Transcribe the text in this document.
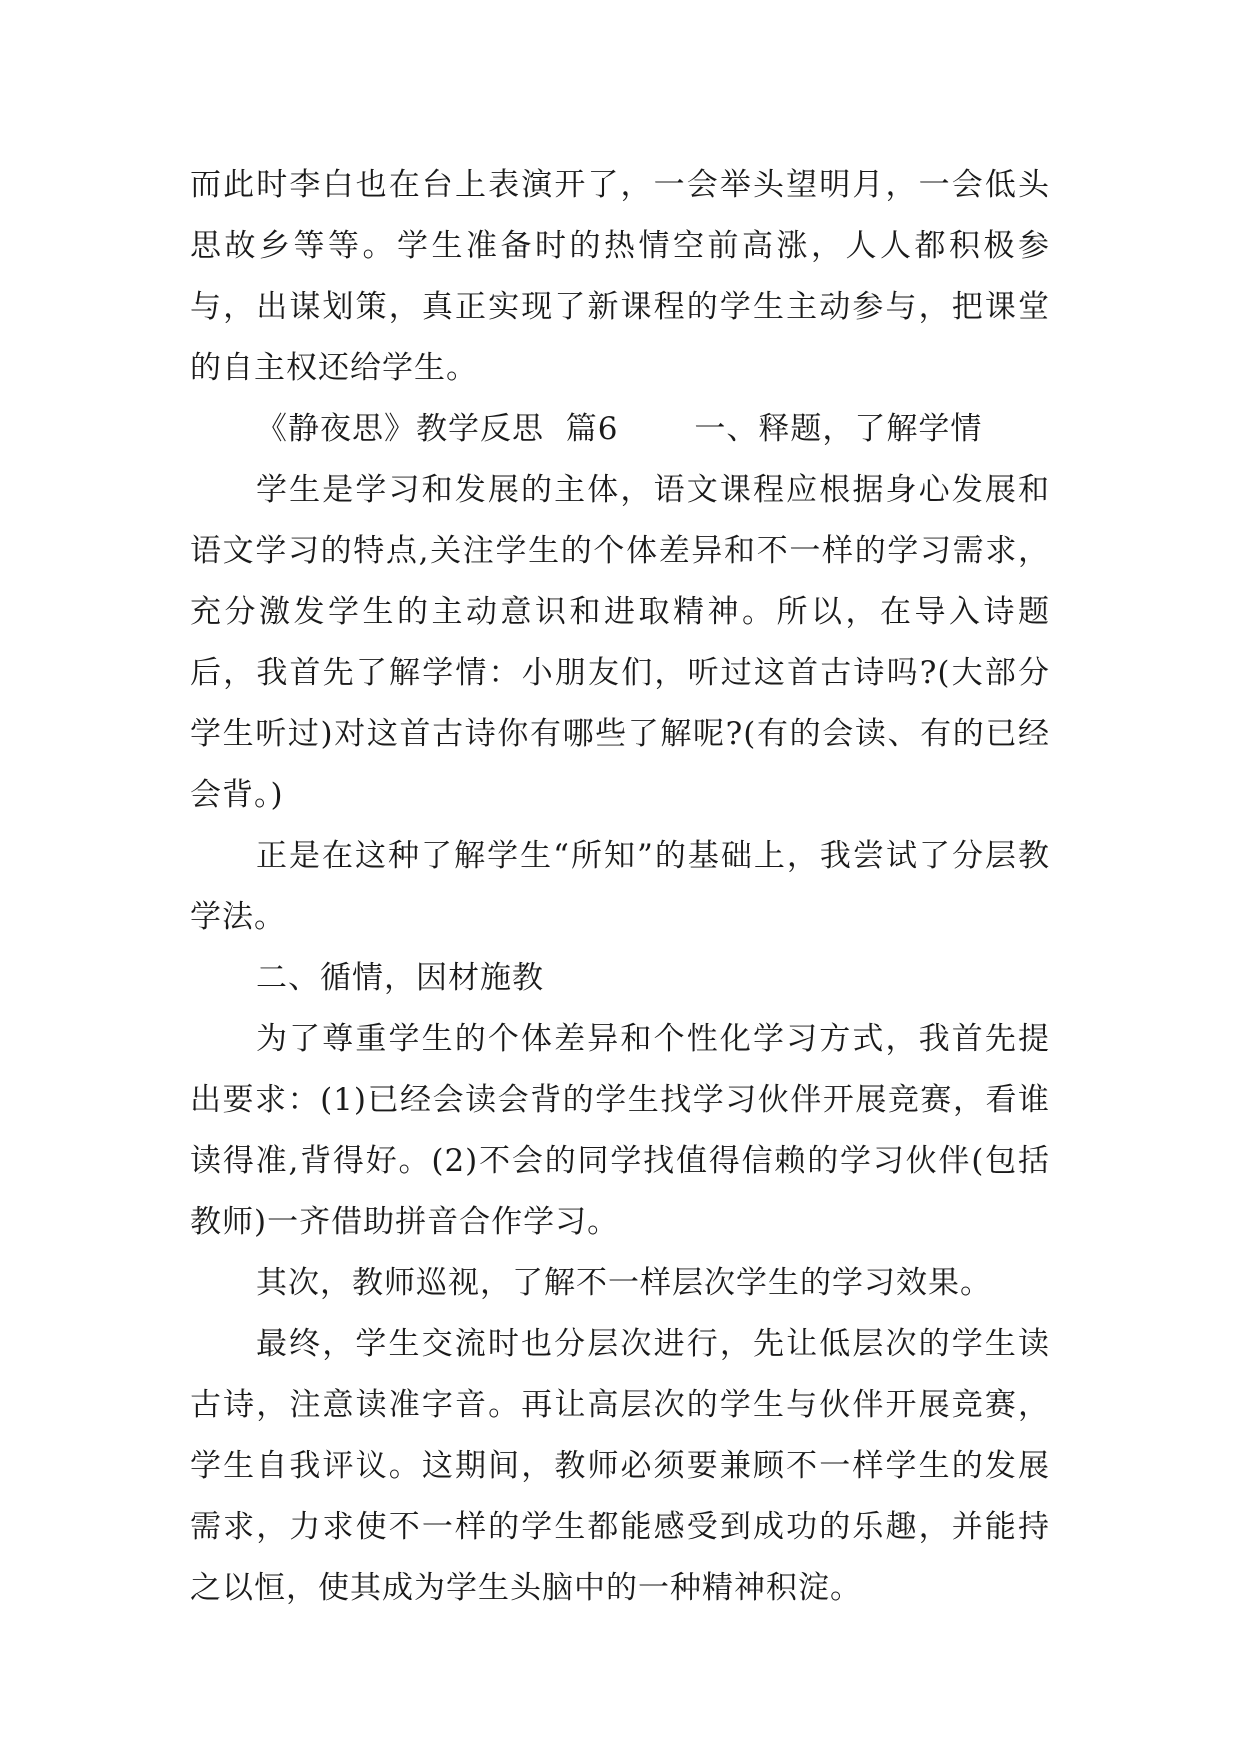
而此时李白也在台上表演开了，一会举头望明月，一会低头思故乡等等。学生准备时的热情空前高涨，人人都积极参与，出谋划策，真正实现了新课程的学生主动参与，把课堂的自主权还给学生。

《静夜思》教学反思  篇6       一、释题，了解学情

学生是学习和发展的主体，语文课程应根据身心发展和语文学习的特点,关注学生的个体差异和不一样的学习需求，充分激发学生的主动意识和进取精神。所以，在导入诗题后，我首先了解学情：小朋友们，听过这首古诗吗?(大部分学生听过)对这首古诗你有哪些了解呢?(有的会读、有的已经会背。)

正是在这种了解学生“所知”的基础上，我尝试了分层教学法。

二、循情，因材施教

为了尊重学生的个体差异和个性化学习方式，我首先提出要求：(1)已经会读会背的学生找学习伙伴开展竞赛，看谁读得准,背得好。(2)不会的同学找值得信赖的学习伙伴(包括教师)一齐借助拼音合作学习。

其次，教师巡视，了解不一样层次学生的学习效果。

最终，学生交流时也分层次进行，先让低层次的学生读古诗，注意读准字音。再让高层次的学生与伙伴开展竞赛，学生自我评议。这期间，教师必须要兼顾不一样学生的发展需求，力求使不一样的学生都能感受到成功的乐趣，并能持之以恒，使其成为学生头脑中的一种精神积淀。
